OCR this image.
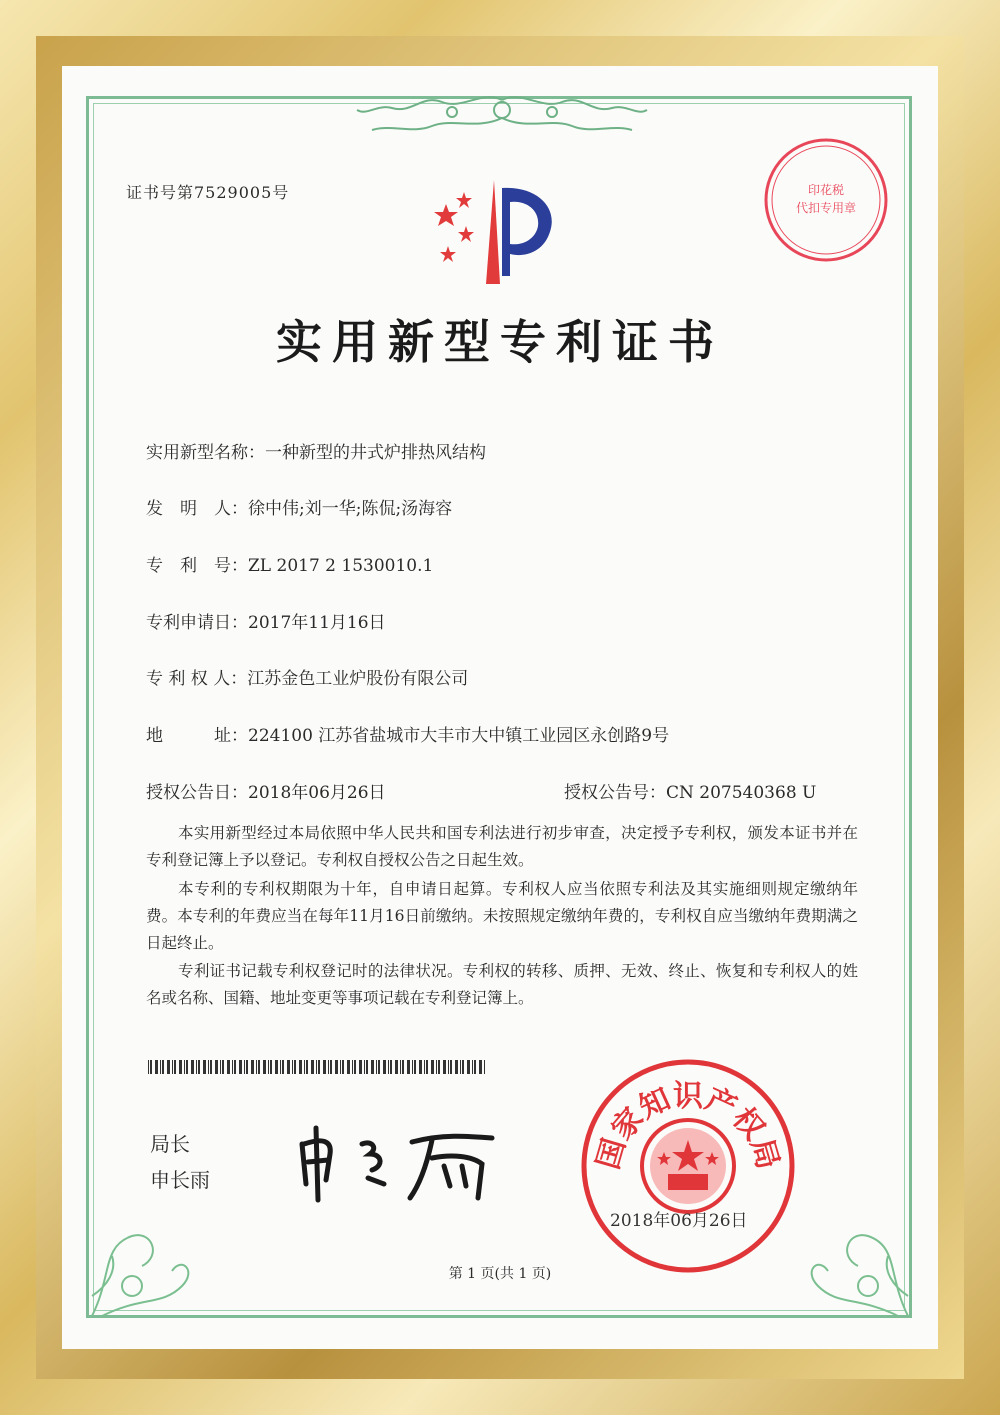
证书号第7529005号	印花税
代扣专用章
实用新型专利证书
实用新型名称：一种新型的井式炉排热风结构
发　明　人：徐中伟;刘一华;陈侃;汤海容
专　利　号：ZL 2017 2 1530010.1
专利申请日：2017年11月16日
专 利 权 人：江苏金色工业炉股份有限公司
地　　　址：224100 江苏省盐城市大丰市大中镇工业园区永创路9号
授权公告日：2018年06月26日	授权公告号：CN 207540368 U
本实用新型经过本局依照中华人民共和国专利法进行初步审查，决定授予专利权，颁发本证书并在专利登记簿上予以登记。专利权自授权公告之日起生效。
本专利的专利权期限为十年，自申请日起算。专利权人应当依照专利法及其实施细则规定缴纳年费。本专利的年费应当在每年11月16日前缴纳。未按照规定缴纳年费的，专利权自应当缴纳年费期满之日起终止。
专利证书记载专利权登记时的法律状况。专利权的转移、质押、无效、终止、恢复和专利权人的姓名或名称、国籍、地址变更等事项记载在专利登记簿上。
局长
申长雨
国家知识产权局
2018年06月26日
第 1 页(共 1 页)
